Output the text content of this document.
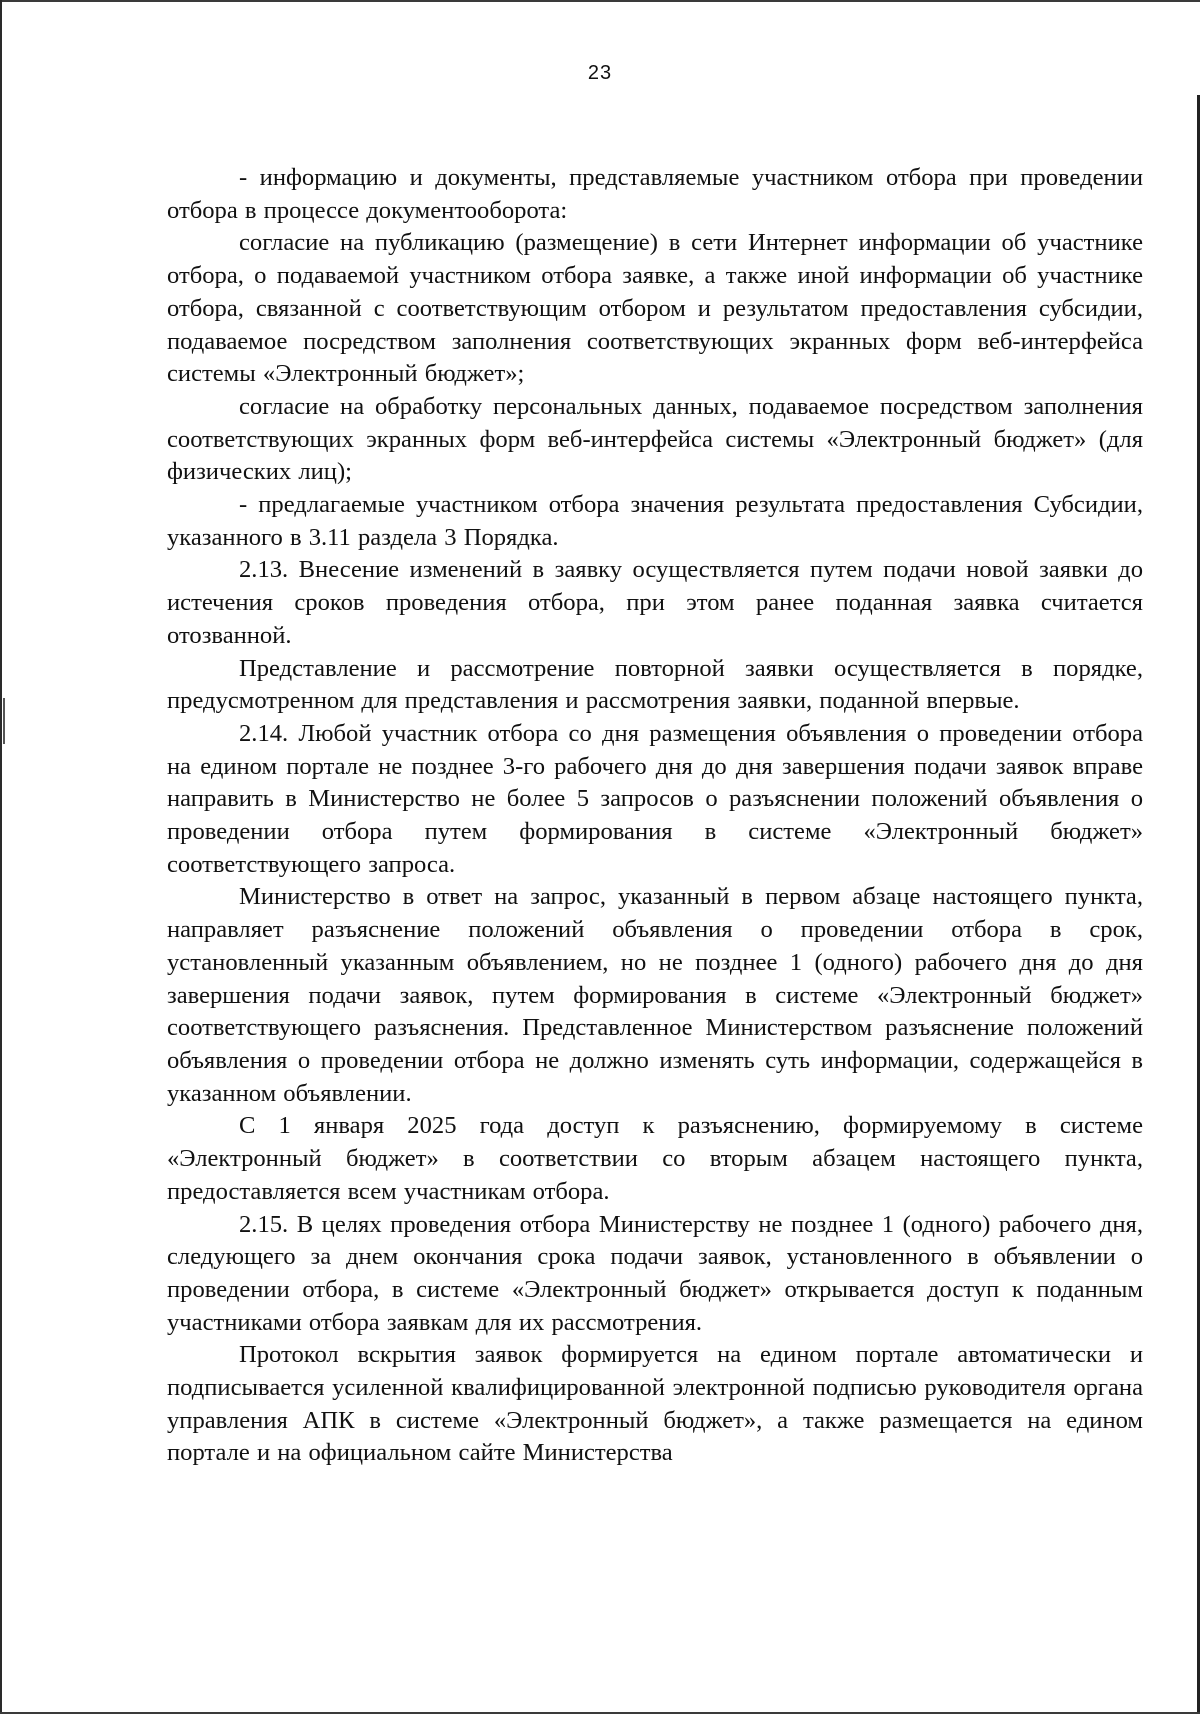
23

- информацию и документы, представляемые участником отбора при проведении отбора в процессе документооборота:

согласие на публикацию (размещение) в сети Интернет информации об участнике отбора, о подаваемой участником отбора заявке, а также иной информации об участнике отбора, связанной с соответствующим отбором и результатом предоставления субсидии, подаваемое посредством заполнения соответствующих экранных форм веб-интерфейса системы «Электронный бюджет»;

согласие на обработку персональных данных, подаваемое посредством заполнения соответствующих экранных форм веб-интерфейса системы «Электронный бюджет» (для физических лиц);

- предлагаемые участником отбора значения результата предоставления Субсидии, указанного в 3.11 раздела 3 Порядка.

2.13. Внесение изменений в заявку осуществляется путем подачи новой заявки до истечения сроков проведения отбора, при этом ранее поданная заявка считается отозванной.

Представление и рассмотрение повторной заявки осуществляется в порядке, предусмотренном для представления и рассмотрения заявки, поданной впервые.

2.14. Любой участник отбора со дня размещения объявления о проведении отбора на едином портале не позднее 3-го рабочего дня до дня завершения подачи заявок вправе направить в Министерство не более 5 запросов о разъяснении положений объявления о проведении отбора путем формирования в системе «Электронный бюджет» соответствующего запроса.

Министерство в ответ на запрос, указанный в первом абзаце настоящего пункта, направляет разъяснение положений объявления о проведении отбора в срок, установленный указанным объявлением, но не позднее 1 (одного) рабочего дня до дня завершения подачи заявок, путем формирования в системе «Электронный бюджет» соответствующего разъяснения. Представленное Министерством разъяснение положений объявления о проведении отбора не должно изменять суть информации, содержащейся в указанном объявлении.

С 1 января 2025 года доступ к разъяснению, формируемому в системе «Электронный бюджет» в соответствии со вторым абзацем настоящего пункта, предоставляется всем участникам отбора.

2.15. В целях проведения отбора Министерству не позднее 1 (одного) рабочего дня, следующего за днем окончания срока подачи заявок, установленного в объявлении о проведении отбора, в системе «Электронный бюджет» открывается доступ к поданным участниками отбора заявкам для их рассмотрения.

Протокол вскрытия заявок формируется на едином портале автоматически и подписывается усиленной квалифицированной электронной подписью руководителя органа управления АПК в системе «Электронный бюджет», а также размещается на едином портале и на официальном сайте Министерства
